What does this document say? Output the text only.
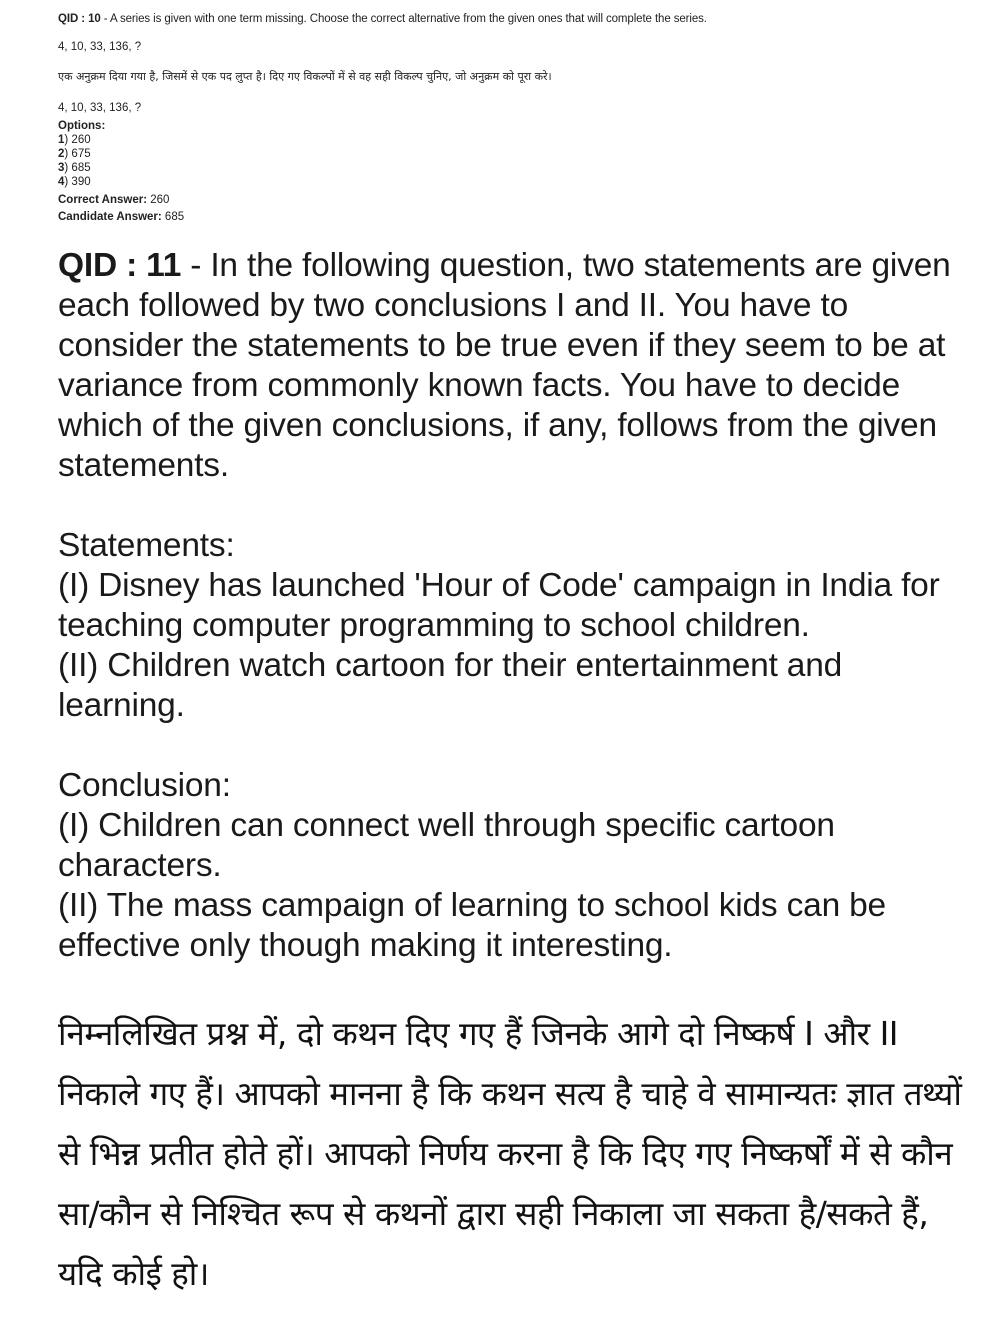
QID : 10 - A series is given with one term missing. Choose the correct alternative from the given ones that will complete the series.
4, 10, 33, 136, ?
एक अनुक्रम दिया गया है, जिसमें से एक पद लुप्त है। दिए गए विकल्पों में से वह सही विकल्प चुनिए, जो अनुक्रम को पूरा करे।
4, 10, 33, 136, ?
Options:
1) 260
2) 675
3) 685
4) 390
Correct Answer: 260
Candidate Answer: 685

QID : 11 - In the following question, two statements are given each followed by two conclusions I and II. You have to consider the statements to be true even if they seem to be at variance from commonly known facts. You have to decide which of the given conclusions, if any, follows from the given statements.

Statements:

(I) Disney has launched 'Hour of Code' campaign in India for teaching computer programming to school children.

(II) Children watch cartoon for their entertainment and learning.

Conclusion:

(I) Children can connect well through specific cartoon characters.

(II) The mass campaign of learning to school kids can be effective only though making it interesting.

निम्नलिखित प्रश्न में, दो कथन दिए गए हैं जिनके आगे दो निष्कर्ष I और II निकाले गए हैं। आपको मानना है कि कथन सत्य है चाहे वे सामान्यतः ज्ञात तथ्यों से भिन्न प्रतीत होते हों। आपको निर्णय करना है कि दिए गए निष्कर्षों में से कौन सा/कौन से निश्चित रूप से कथनों द्वारा सही निकाला जा सकता है/सकते हैं, यदि कोई हो।
